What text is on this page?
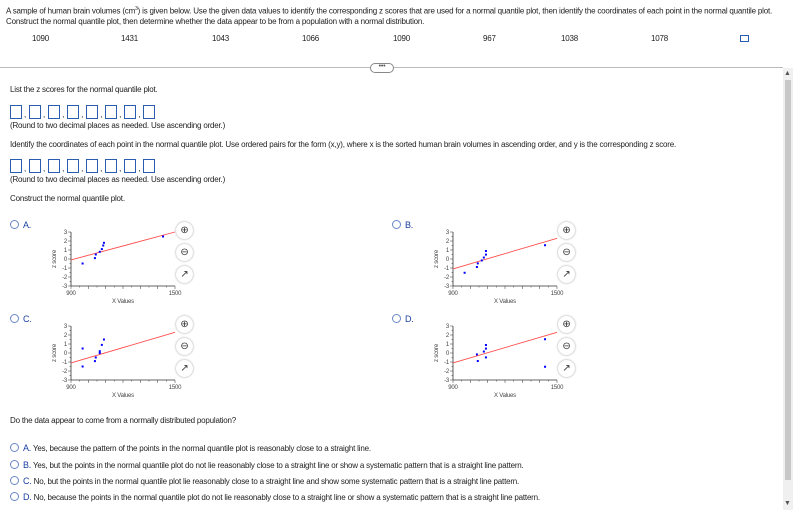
A sample of human brain volumes $(cm^3)$ is given below. Use the given data values to identify the corresponding z scores that are used for a normal quantile plot, then identify the coordinates of each point in the normal quantile plot. Construct the normal quantile plot, then determine whether the data appear to be from a population with a normal distribution.
1090	1431	1043	1066	1090	967	1038	1078
•••
List the z scores for the normal quantile plot.
, , , , , , ,
(Round to two decimal places as needed. Use ascending order.)
Identify the coordinates of each point in the normal quantile plot. Use ordered pairs for the form (x,y), where x is the sorted human brain volumes in ascending order, and y is the corresponding z score.
, , , , , , ,
(Round to two decimal places as needed. Use ascending order.)
Construct the normal quantile plot.
A.
3
2
1
0
-1
-2
-3
900	1500
X Values
z score
⊕
⊖
↗
B.
3
2
1
0
-1
-2
-3
900	1500
X Values
z score
⊕
⊖
↗
C.
3
2
1
0
-1
-2
-3
900	1500
X Values
z score
⊕
⊖
↗
D.
3
2
1
0
-1
-2
-3
900	1500
X Values
z score
⊕
⊖
↗
Do the data appear to come from a normally distributed population?
A. Yes, because the pattern of the points in the normal quantile plot is reasonably close to a straight line.
B. Yes, but the points in the normal quantile plot do not lie reasonably close to a straight line or show a systematic pattern that is a straight line pattern.
C. No, but the points in the normal quantile plot lie reasonably close to a straight line and show some systematic pattern that is a straight line pattern.
D. No, because the points in the normal quantile plot do not lie reasonably close to a straight line or show a systematic pattern that is a straight line pattern.
▲
▼
